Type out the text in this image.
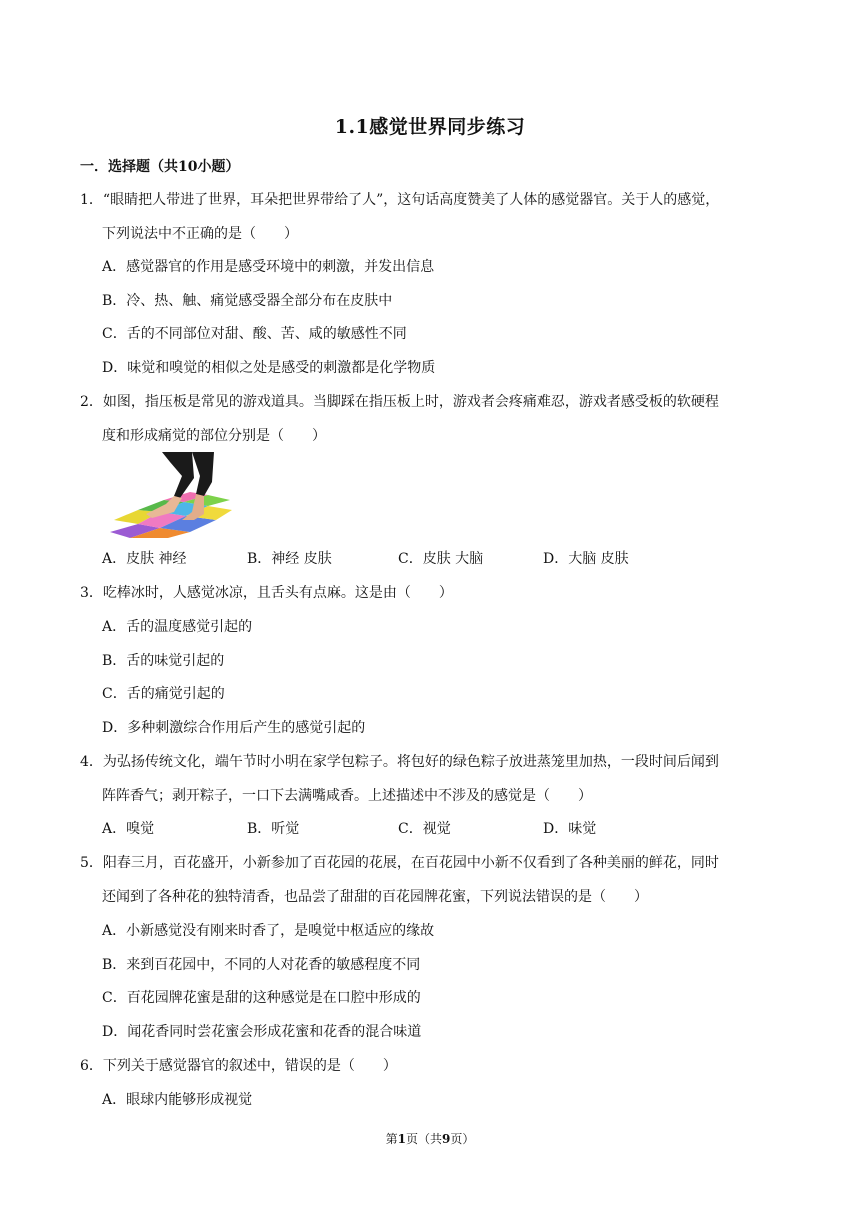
1.1感觉世界同步练习
一．选择题（共10小题）
1．“眼睛把人带进了世界，耳朵把世界带给了人”，这句话高度赞美了人体的感觉器官。关于人的感觉，
下列说法中不正确的是（　　）
A．感觉器官的作用是感受环境中的刺激，并发出信息
B．冷、热、触、痛觉感受器全部分布在皮肤中
C．舌的不同部位对甜、酸、苦、咸的敏感性不同
D．味觉和嗅觉的相似之处是感受的刺激都是化学物质
2．如图，指压板是常见的游戏道具。当脚踩在指压板上时，游戏者会疼痛难忍，游戏者感受板的软硬程
度和形成痛觉的部位分别是（　　）
A．皮肤 神经	B．神经 皮肤	C．皮肤 大脑	D．大脑 皮肤
3．吃棒冰时，人感觉冰凉，且舌头有点麻。这是由（　　）
A．舌的温度感觉引起的
B．舌的味觉引起的
C．舌的痛觉引起的
D．多种刺激综合作用后产生的感觉引起的
4．为弘扬传统文化，端午节时小明在家学包粽子。将包好的绿色粽子放进蒸笼里加热，一段时间后闻到
阵阵香气；剥开粽子，一口下去满嘴咸香。上述描述中不涉及的感觉是（　　）
A．嗅觉	B．听觉	C．视觉	D．味觉
5．阳春三月，百花盛开，小新参加了百花园的花展，在百花园中小新不仅看到了各种美丽的鲜花，同时
还闻到了各种花的独特清香，也品尝了甜甜的百花园牌花蜜，下列说法错误的是（　　）
A．小新感觉没有刚来时香了，是嗅觉中枢适应的缘故
B．来到百花园中，不同的人对花香的敏感程度不同
C．百花园牌花蜜是甜的这种感觉是在口腔中形成的
D．闻花香同时尝花蜜会形成花蜜和花香的混合味道
6．下列关于感觉器官的叙述中，错误的是（　　）
A．眼球内能够形成视觉
第1页（共9页）
